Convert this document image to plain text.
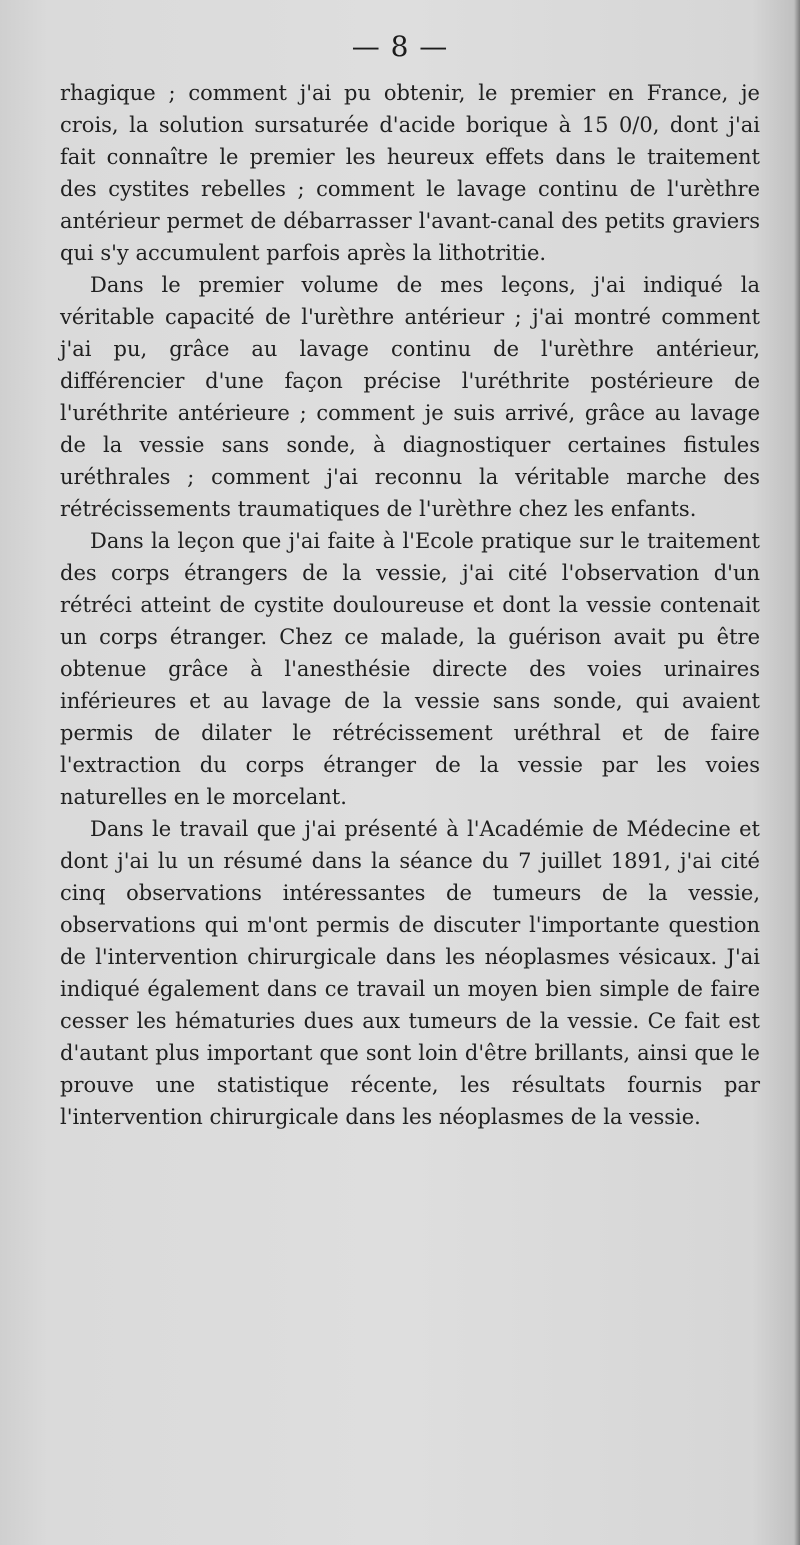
— 8 —

rhagique ; comment j'ai pu obtenir, le premier en France, je crois, la solution sursaturée d'acide borique à 15 0/0, dont j'ai fait connaître le premier les heureux effets dans le traitement des cystites rebelles ; comment le lavage continu de l'urèthre antérieur permet de débarrasser l'avant-canal des petits graviers qui s'y accumulent parfois après la lithotritie.

Dans le premier volume de mes leçons, j'ai indiqué la véritable capacité de l'urèthre antérieur ; j'ai montré comment j'ai pu, grâce au lavage continu de l'urèthre antérieur, différencier d'une façon précise l'uréthrite postérieure de l'uréthrite antérieure ; comment je suis arrivé, grâce au lavage de la vessie sans sonde, à diagnostiquer certaines fistules uréthrales ; comment j'ai reconnu la véritable marche des rétrécissements traumatiques de l'urèthre chez les enfants.

Dans la leçon que j'ai faite à l'Ecole pratique sur le traitement des corps étrangers de la vessie, j'ai cité l'observation d'un rétréci atteint de cystite douloureuse et dont la vessie contenait un corps étranger. Chez ce malade, la guérison avait pu être obtenue grâce à l'anesthésie directe des voies urinaires inférieures et au lavage de la vessie sans sonde, qui avaient permis de dilater le rétrécissement uréthral et de faire l'extraction du corps étranger de la vessie par les voies naturelles en le morcelant.

Dans le travail que j'ai présenté à l'Académie de Médecine et dont j'ai lu un résumé dans la séance du 7 juillet 1891, j'ai cité cinq observations intéressantes de tumeurs de la vessie, observations qui m'ont permis de discuter l'importante question de l'intervention chirurgicale dans les néoplasmes vésicaux. J'ai indiqué également dans ce travail un moyen bien simple de faire cesser les hématuries dues aux tumeurs de la vessie. Ce fait est d'autant plus important que sont loin d'être brillants, ainsi que le prouve une statistique récente, les résultats fournis par l'intervention chirurgicale dans les néoplasmes de la vessie.
